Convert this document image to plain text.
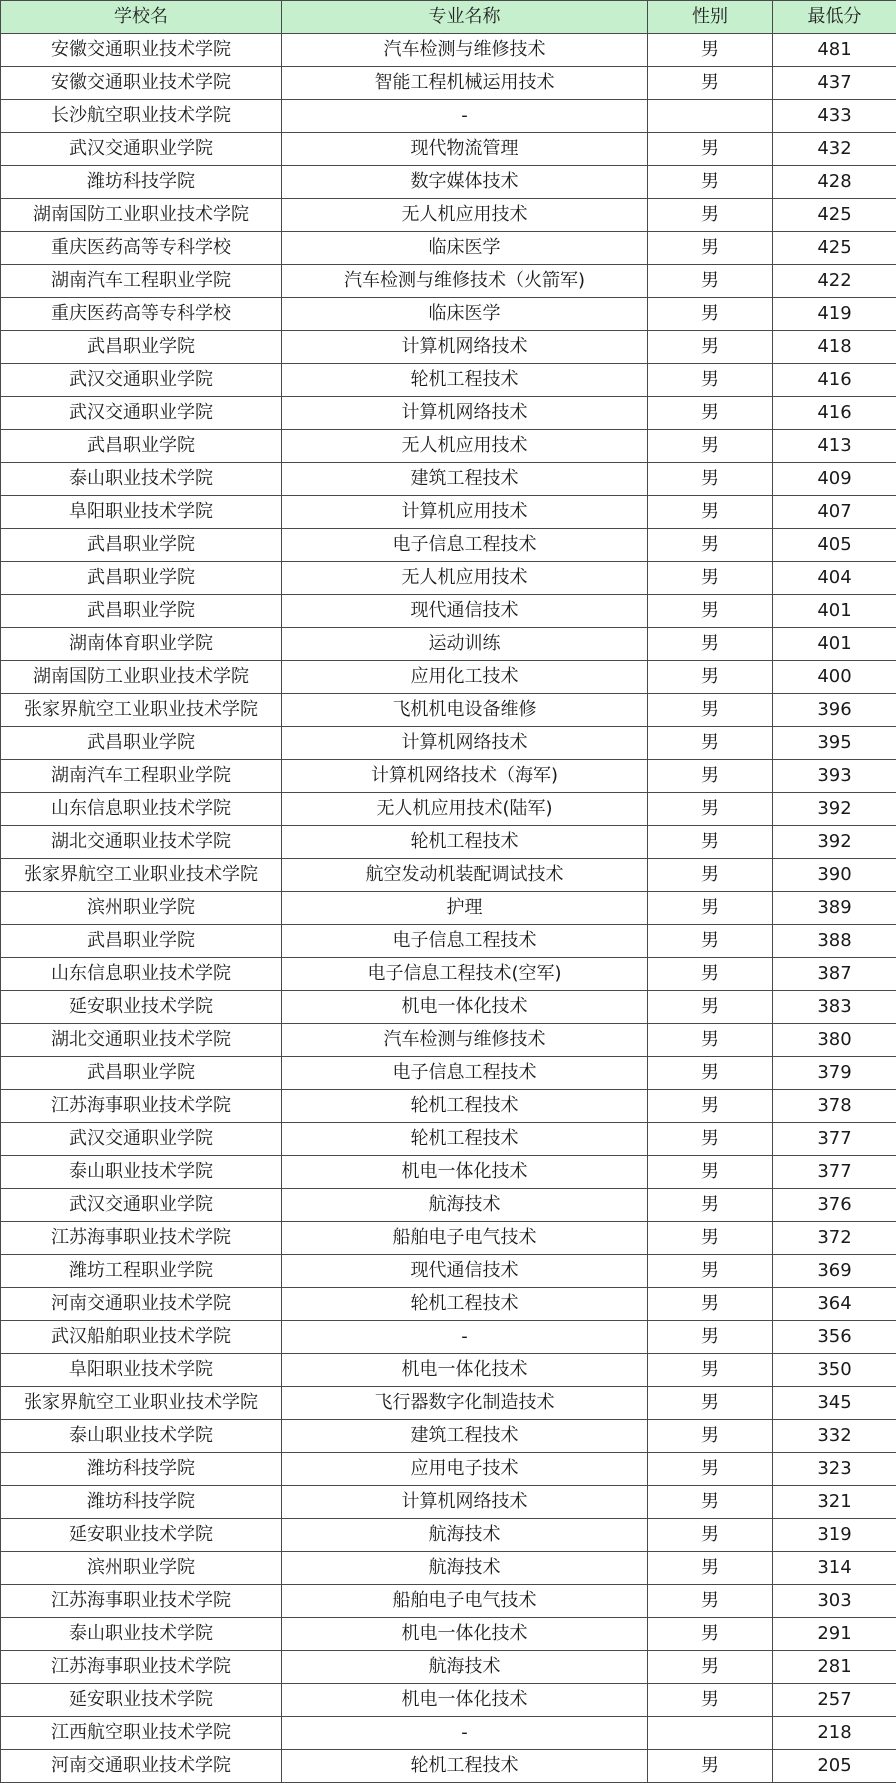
学校名	专业名称	性别	最低分
安徽交通职业技术学院	汽车检测与维修技术	男	481
安徽交通职业技术学院	智能工程机械运用技术	男	437
长沙航空职业技术学院	-		433
武汉交通职业学院	现代物流管理	男	432
潍坊科技学院	数字媒体技术	男	428
湖南国防工业职业技术学院	无人机应用技术	男	425
重庆医药高等专科学校	临床医学	男	425
湖南汽车工程职业学院	汽车检测与维修技术（火箭军)	男	422
重庆医药高等专科学校	临床医学	男	419
武昌职业学院	计算机网络技术	男	418
武汉交通职业学院	轮机工程技术	男	416
武汉交通职业学院	计算机网络技术	男	416
武昌职业学院	无人机应用技术	男	413
泰山职业技术学院	建筑工程技术	男	409
阜阳职业技术学院	计算机应用技术	男	407
武昌职业学院	电子信息工程技术	男	405
武昌职业学院	无人机应用技术	男	404
武昌职业学院	现代通信技术	男	401
湖南体育职业学院	运动训练	男	401
湖南国防工业职业技术学院	应用化工技术	男	400
张家界航空工业职业技术学院	飞机机电设备维修	男	396
武昌职业学院	计算机网络技术	男	395
湖南汽车工程职业学院	计算机网络技术（海军)	男	393
山东信息职业技术学院	无人机应用技术(陆军)	男	392
湖北交通职业技术学院	轮机工程技术	男	392
张家界航空工业职业技术学院	航空发动机装配调试技术	男	390
滨州职业学院	护理	男	389
武昌职业学院	电子信息工程技术	男	388
山东信息职业技术学院	电子信息工程技术(空军)	男	387
延安职业技术学院	机电一体化技术	男	383
湖北交通职业技术学院	汽车检测与维修技术	男	380
武昌职业学院	电子信息工程技术	男	379
江苏海事职业技术学院	轮机工程技术	男	378
武汉交通职业学院	轮机工程技术	男	377
泰山职业技术学院	机电一体化技术	男	377
武汉交通职业学院	航海技术	男	376
江苏海事职业技术学院	船舶电子电气技术	男	372
潍坊工程职业学院	现代通信技术	男	369
河南交通职业技术学院	轮机工程技术	男	364
武汉船舶职业技术学院	-	男	356
阜阳职业技术学院	机电一体化技术	男	350
张家界航空工业职业技术学院	飞行器数字化制造技术	男	345
泰山职业技术学院	建筑工程技术	男	332
潍坊科技学院	应用电子技术	男	323
潍坊科技学院	计算机网络技术	男	321
延安职业技术学院	航海技术	男	319
滨州职业学院	航海技术	男	314
江苏海事职业技术学院	船舶电子电气技术	男	303
泰山职业技术学院	机电一体化技术	男	291
江苏海事职业技术学院	航海技术	男	281
延安职业技术学院	机电一体化技术	男	257
江西航空职业技术学院	-		218
河南交通职业技术学院	轮机工程技术	男	205
